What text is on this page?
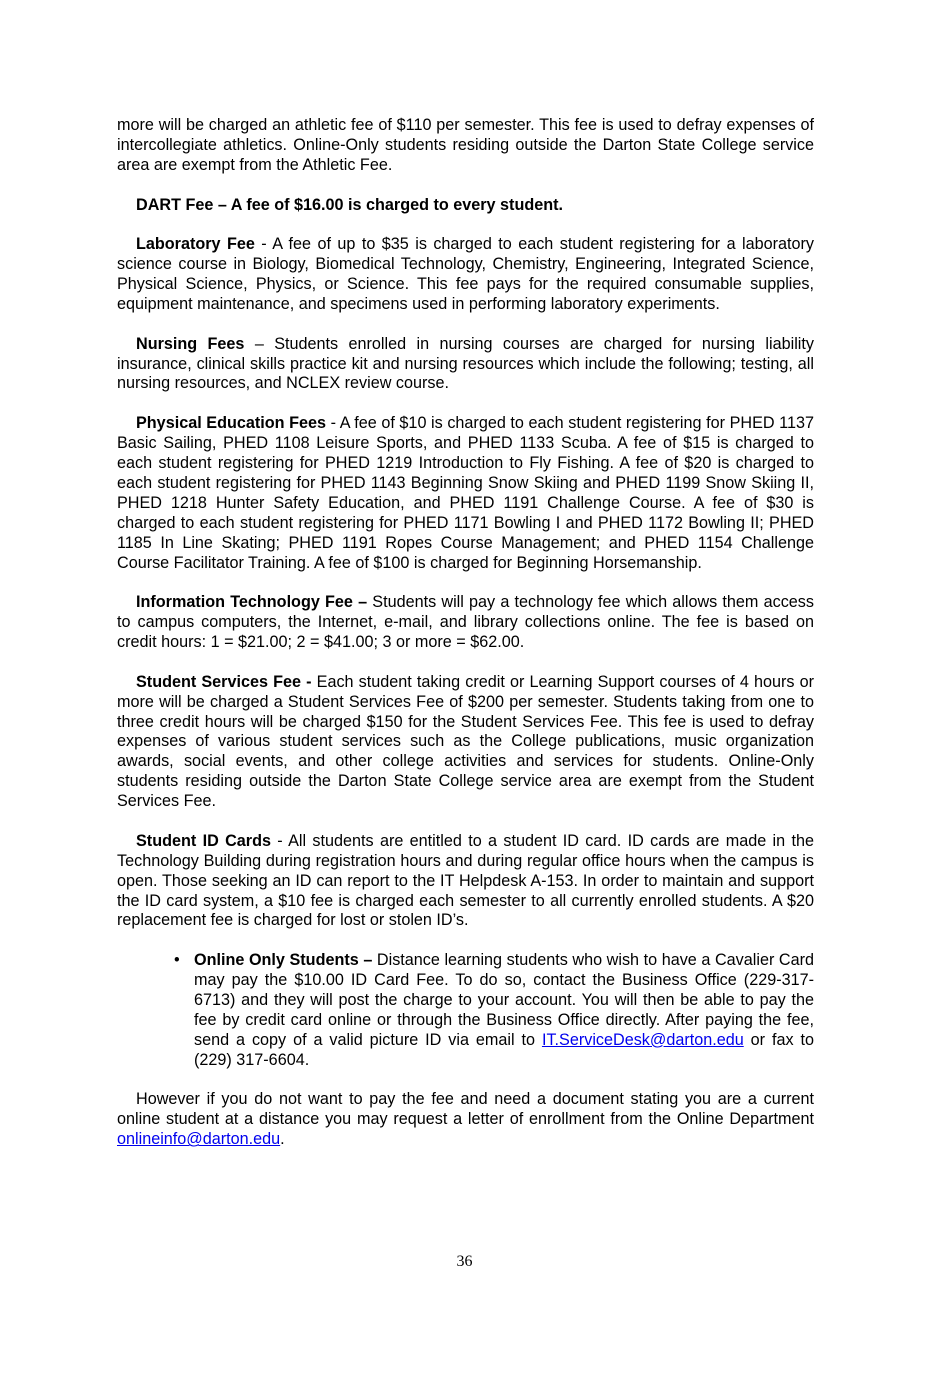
more will be charged an athletic fee of $110 per semester. This fee is used to defray expenses of intercollegiate athletics. Online-Only students residing outside the Darton State College service area are exempt from the Athletic Fee.

DART Fee – A fee of $16.00 is charged to every student.

Laboratory Fee - A fee of up to $35 is charged to each student registering for a laboratory science course in Biology, Biomedical Technology, Chemistry, Engineering, Integrated Science, Physical Science, Physics, or Science. This fee pays for the required consumable supplies, equipment maintenance, and specimens used in performing laboratory experiments.

Nursing Fees – Students enrolled in nursing courses are charged for nursing liability insurance, clinical skills practice kit and nursing resources which include the following; testing, all nursing resources, and NCLEX review course.

Physical Education Fees - A fee of $10 is charged to each student registering for PHED 1137 Basic Sailing, PHED 1108 Leisure Sports, and PHED 1133 Scuba. A fee of $15 is charged to each student registering for PHED 1219 Introduction to Fly Fishing. A fee of $20 is charged to each student registering for PHED 1143 Beginning Snow Skiing and PHED 1199 Snow Skiing II, PHED 1218 Hunter Safety Education, and PHED 1191 Challenge Course. A fee of $30 is charged to each student registering for PHED 1171 Bowling I and PHED 1172 Bowling II; PHED 1185 In Line Skating; PHED 1191 Ropes Course Management; and PHED 1154 Challenge Course Facilitator Training. A fee of $100 is charged for Beginning Horsemanship.

Information Technology Fee – Students will pay a technology fee which allows them access to campus computers, the Internet, e-mail, and library collections online. The fee is based on credit hours: 1 = $21.00; 2 = $41.00; 3 or more = $62.00.

Student Services Fee - Each student taking credit or Learning Support courses of 4 hours or more will be charged a Student Services Fee of $200 per semester. Students taking from one to three credit hours will be charged $150 for the Student Services Fee. This fee is used to defray expenses of various student services such as the College publications, music organization awards, social events, and other college activities and services for students. Online-Only students residing outside the Darton State College service area are exempt from the Student Services Fee.

Student ID Cards - All students are entitled to a student ID card. ID cards are made in the Technology Building during registration hours and during regular office hours when the campus is open. Those seeking an ID can report to the IT Helpdesk A-153. In order to maintain and support the ID card system, a $10 fee is charged each semester to all currently enrolled students. A $20 replacement fee is charged for lost or stolen ID’s.

• Online Only Students – Distance learning students who wish to have a Cavalier Card may pay the $10.00 ID Card Fee. To do so, contact the Business Office (229-317-6713) and they will post the charge to your account. You will then be able to pay the fee by credit card online or through the Business Office directly. After paying the fee, send a copy of a valid picture ID via email to IT.ServiceDesk@darton.edu or fax to (229) 317-6604.

However if you do not want to pay the fee and need a document stating you are a current online student at a distance you may request a letter of enrollment from the Online Department onlineinfo@darton.edu.

36
